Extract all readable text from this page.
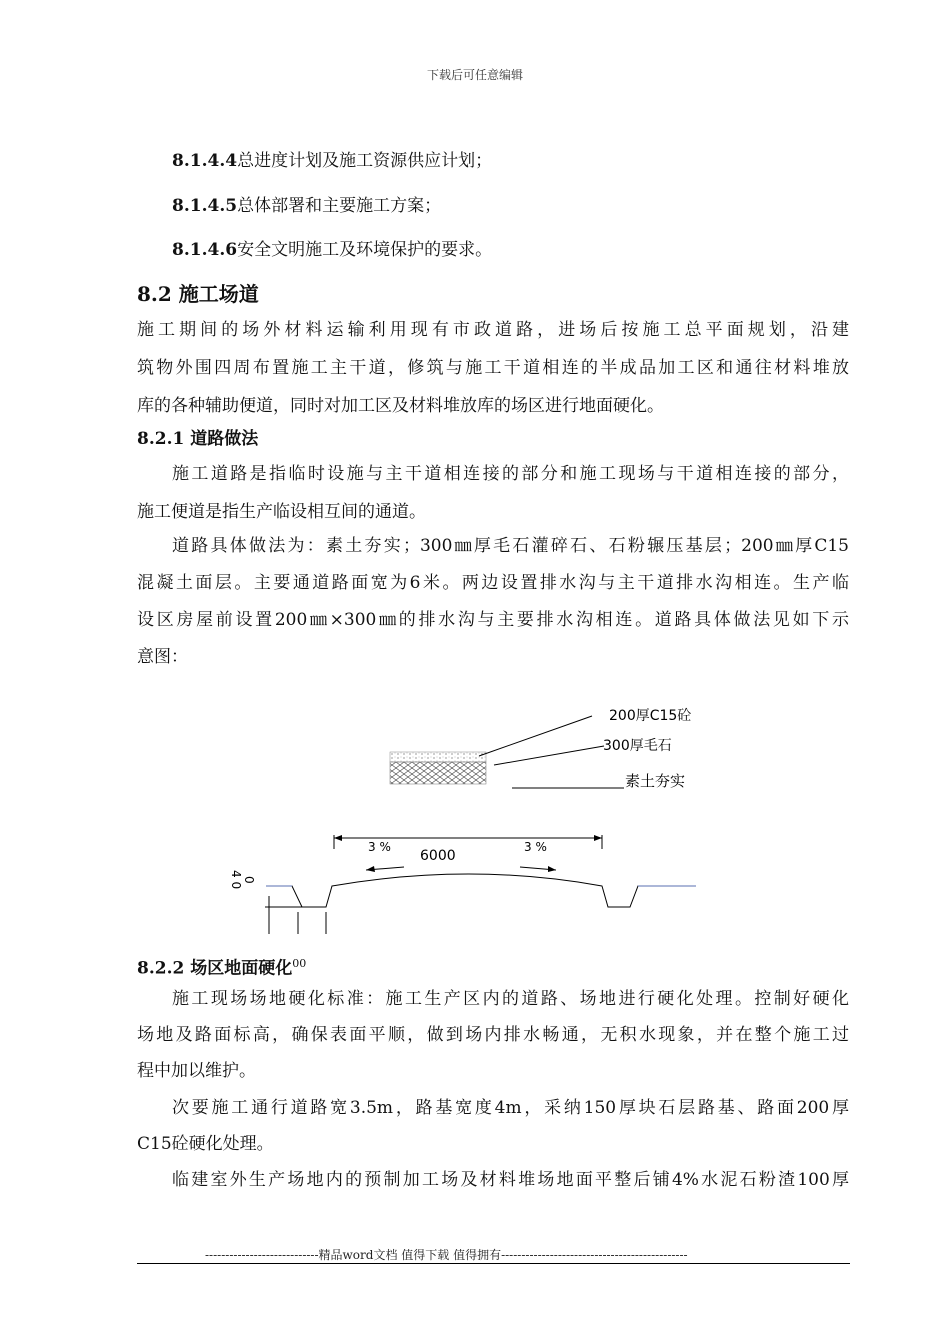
下载后可任意编辑
8.1.4.4总进度计划及施工资源供应计划；
8.1.4.5总体部署和主要施工方案；
8.1.4.6安全文明施工及环境保护的要求。
8.2 施工场道
施工期间的场外材料运输利用现有市政道路，进场后按施工总平面规划，沿建
筑物外围四周布置施工主干道，修筑与施工干道相连的半成品加工区和通往材料堆放
库的各种辅助便道，同时对加工区及材料堆放库的场区进行地面硬化。
8.2.1 道路做法
施工道路是指临时设施与主干道相连接的部分和施工现场与干道相连接的部分，
施工便道是指生产临设相互间的通道。
道路具体做法为：素土夯实；300㎜厚毛石灌碎石、石粉辗压基层；200㎜厚C15
混凝土面层。主要通道路面宽为6米。两边设置排水沟与主干道排水沟相连。生产临
设区房屋前设置200㎜×300㎜的排水沟与主要排水沟相连。道路具体做法见如下示
意图：
200厚C15砼
300厚毛石
素土夯实
3 %	3 %
6000
4 0 0
8.2.2 场区地面硬化$^{00}$
施工现场场地硬化标准：施工生产区内的道路、场地进行硬化处理。控制好硬化
场地及路面标高，确保表面平顺，做到场内排水畅通，无积水现象，并在整个施工过
程中加以维护。
次要施工通行道路宽3.5m，路基宽度4m，采纳150厚块石层路基、路面200厚
C15砼硬化处理。
临建室外生产场地内的预制加工场及材料堆场地面平整后铺4%水泥石粉渣100厚
----------------------------精品word文档 值得下载 值得拥有----------------------------------------------
